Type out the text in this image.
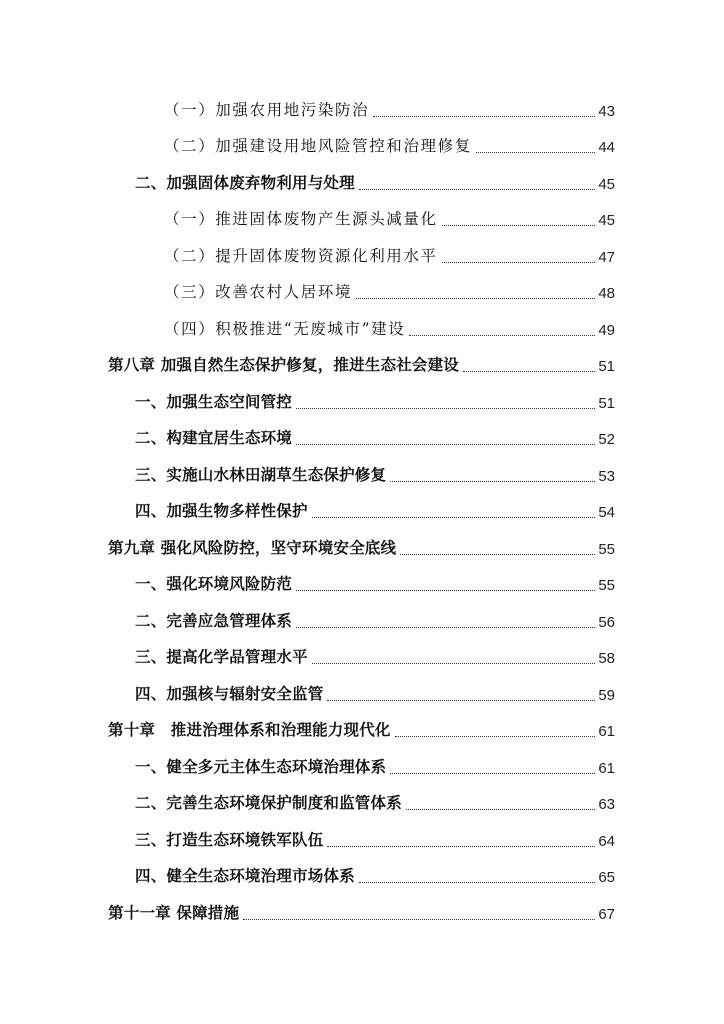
（一）加强农用地污染防治	43
（二）加强建设用地风险管控和治理修复	44
二、加强固体废弃物利用与处理	45
（一）推进固体废物产生源头减量化	45
（二）提升固体废物资源化利用水平	47
（三）改善农村人居环境	48
（四）积极推进“无废城市”建设	49
第八章 加强自然生态保护修复，推进生态社会建设	51
一、加强生态空间管控	51
二、构建宜居生态环境	52
三、实施山水林田湖草生态保护修复	53
四、加强生物多样性保护	54
第九章 强化风险防控，坚守环境安全底线	55
一、强化环境风险防范	55
二、完善应急管理体系	56
三、提高化学品管理水平	58
四、加强核与辐射安全监管	59
第十章　推进治理体系和治理能力现代化	61
一、健全多元主体生态环境治理体系	61
二、完善生态环境保护制度和监管体系	63
三、打造生态环境铁军队伍	64
四、健全生态环境治理市场体系	65
第十一章 保障措施	67
